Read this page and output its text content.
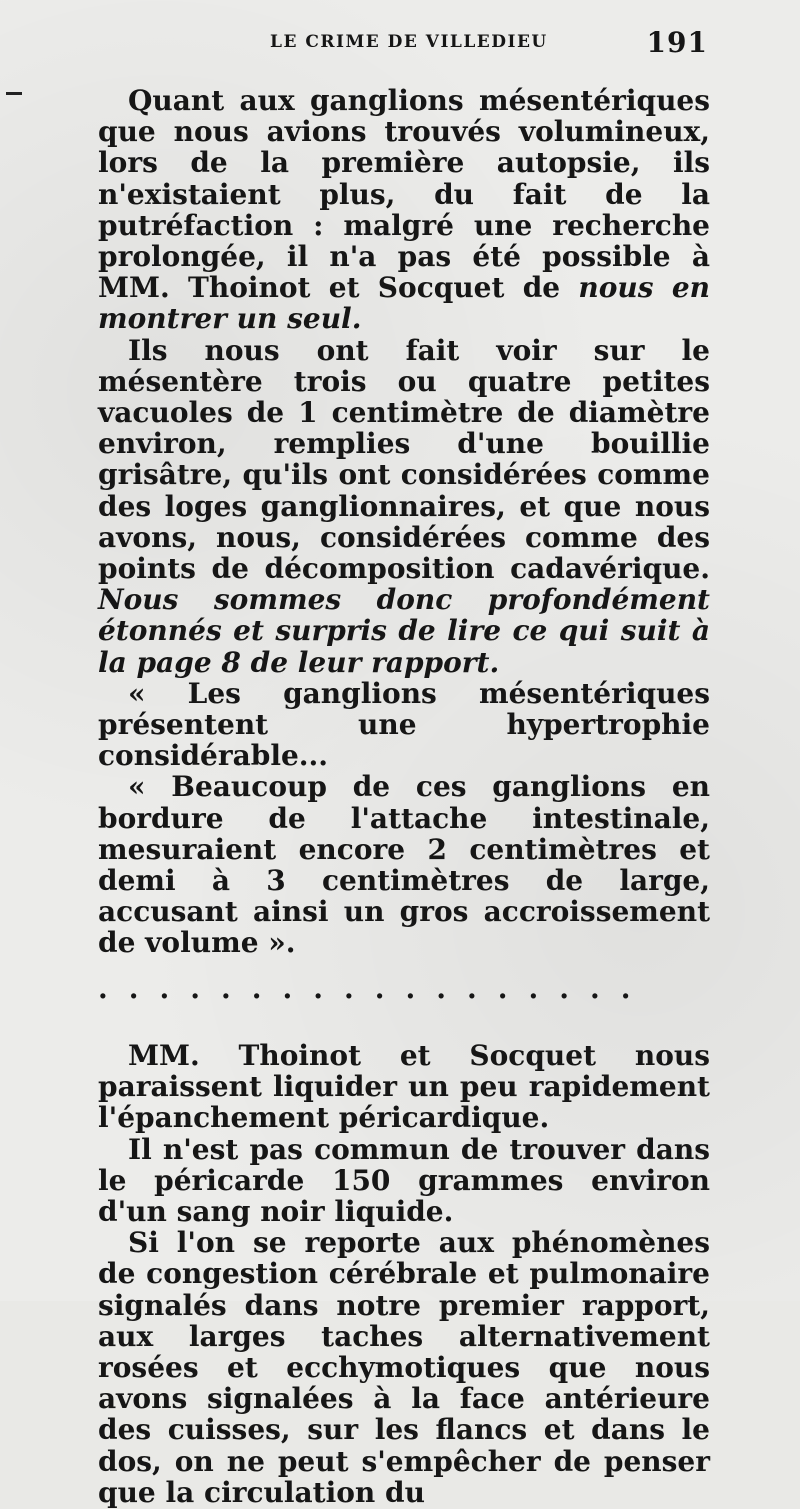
LE CRIME DE VILLEDIEU	191

Quant aux ganglions mésentériques que nous avions trouvés volumineux, lors de la première autopsie, ils n'existaient plus, du fait de la putréfaction : malgré une recherche prolongée, il n'a pas été possible à MM. Thoinot et Socquet de nous en montrer un seul.

Ils nous ont fait voir sur le mésentère trois ou quatre petites vacuoles de 1 centimètre de diamètre environ, remplies d'une bouillie grisâtre, qu'ils ont considérées comme des loges ganglionnaires, et que nous avons, nous, considérées comme des points de décomposition cadavérique. Nous sommes donc profondément étonnés et surpris de lire ce qui suit à la page 8 de leur rapport.

« Les ganglions mésentériques présentent une hypertrophie considérable...

« Beaucoup de ces ganglions en bordure de l'attache intestinale, mesuraient encore 2 centimètres et demi à 3 centimètres de large, accusant ainsi un gros accroissement de volume ».

..................

MM. Thoinot et Socquet nous paraissent liquider un peu rapidement l'épanchement péricardique.

Il n'est pas commun de trouver dans le péricarde 150 grammes environ d'un sang noir liquide.

Si l'on se reporte aux phénomènes de congestion cérébrale et pulmonaire signalés dans notre premier rapport, aux larges taches alternativement rosées et ecchymotiques que nous avons signalées à la face antérieure des cuisses, sur les flancs et dans le dos, on ne peut s'empêcher de penser que la circulation du
